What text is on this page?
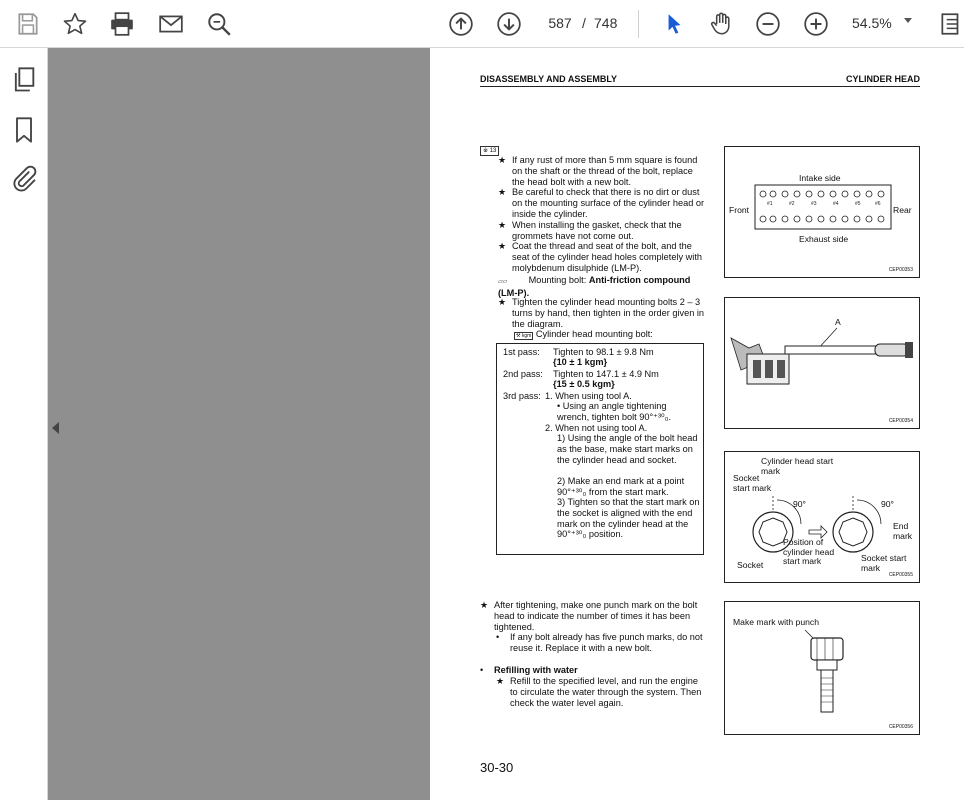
587 / 748	54.5%
DISASSEMBLY AND ASSEMBLY	CYLINDER HEAD
※ 13
★ If any rust of more than 5 mm square is found on the shaft or the thread of the bolt, replace the head bolt with a new bolt.
★ Be careful to check that there is no dirt or dust on the mounting surface of the cylinder head or inside the cylinder.
★ When installing the gasket, check that the grommets have not come out.
★ Coat the thread and seat of the bolt, and the seat of the cylinder head holes completely with molybdenum disulphide (LM-P).
▱▱ Mounting bolt: Anti-friction compound (LM-P).
★ Tighten the cylinder head mounting bolts 2 – 3 turns by hand, then tighten in the order given in the diagram.
⚒ kgm Cylinder head mounting bolt:
1st pass:	Tighten to 98.1 ± 9.8 Nm
{10 ± 1 kgm}
2nd pass:	Tighten to 147.1 ± 4.9 Nm
{15 ± 0.5 kgm}
3rd pass: 1. When using tool A.
• Using an angle tightening wrench, tighten bolt 90°⁺³⁰₀.
2. When not using tool A.
1) Using the angle of the bolt head as the base, make start marks on the cylinder head and socket.
2) Make an end mark at a point 90°⁺³⁰₀ from the start mark.
3) Tighten so that the start mark on the socket is aligned with the end mark on the cylinder head at the 90°⁺³⁰₀ position.
★ After tightening, make one punch mark on the bolt head to indicate the number of times it has been tightened.
•	If any bolt already has five punch marks, do not reuse it. Replace it with a new bolt.
•	Refilling with water
★ Refill to the specified level, and run the engine to circulate the water through the system. Then check the water level again.
30-30
Intake side
Exhaust side
Front	Rear
#1	#2	#3	#4	#5	#6
CEP00353
A
CEP00354
Cylinder head start mark
Socket start mark
90°	90°
End mark
Position of cylinder head start mark
Socket
Socket start mark
CEP00355
Make mark with punch
CEP00356
